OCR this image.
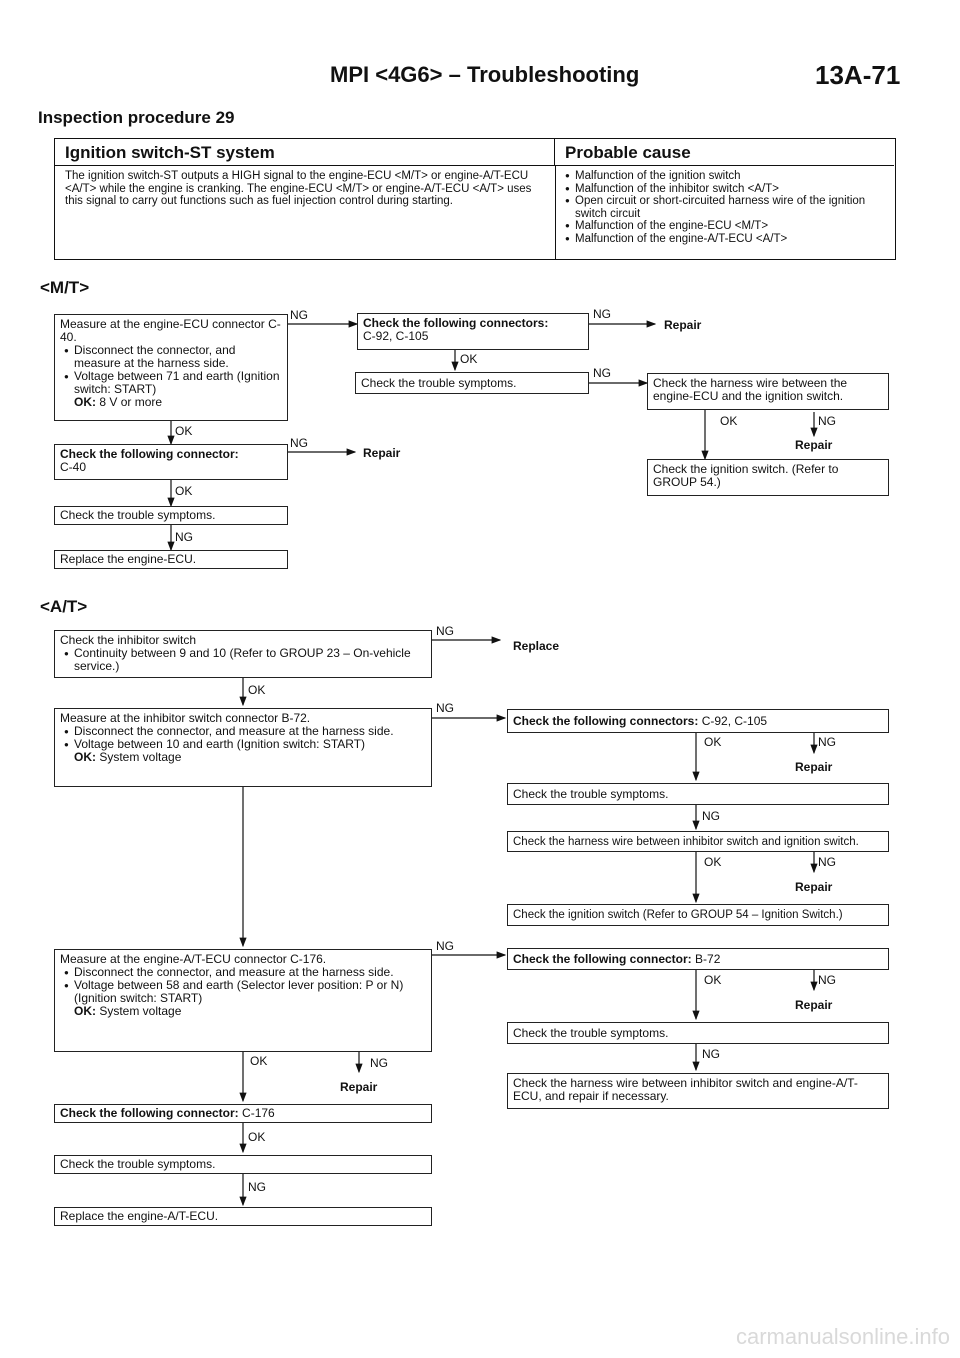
MPI <4G6> – Troubleshooting	13A-71
Inspection procedure 29
Ignition switch-ST system	Probable cause
The ignition switch-ST outputs a HIGH signal to the engine-ECU <M/T> or engine-A/T-ECU <A/T> while the engine is cranking. The engine-ECU <M/T> or engine-A/T-ECU <A/T> uses this signal to carry out functions such as fuel injection control during starting.
● Malfunction of the ignition switch
● Malfunction of the inhibitor switch <A/T>
● Open circuit or short-circuited harness wire of the ignition switch circuit
● Malfunction of the engine-ECU <M/T>
● Malfunction of the engine-A/T-ECU <A/T>
<M/T>
Measure at the engine-ECU connector C-40.
● Disconnect the connector, and measure at the harness side.
● Voltage between 71 and earth (Ignition switch: START)
OK: 8 V or more
Check the following connector:
C-40
Check the trouble symptoms.
Replace the engine-ECU.
Check the following connectors:
C-92, C-105
Check the trouble symptoms.	Check the harness wire between the engine-ECU and the ignition switch.
Check the ignition switch. (Refer to GROUP 54.)
OK
OK
NG
NG
NG
Repair
OK
NG
NG
Repair
OK	NG
Repair
<A/T>
Check the inhibitor switch
● Continuity between 9 and 10 (Refer to GROUP 23 – On-vehicle service.)
Measure at the inhibitor switch connector B-72.
● Disconnect the connector, and measure at the harness side.
● Voltage between 10 and earth (Ignition switch: START)
OK: System voltage
Measure at the engine-A/T-ECU connector C-176.
● Disconnect the connector, and measure at the harness side.
● Voltage between 58 and earth (Selector lever position: P or N) (Ignition switch: START)
OK: System voltage
Check the following connector: C-176
Check the trouble symptoms.
Replace the engine-A/T-ECU.
Check the following connectors: C-92, C-105
Check the trouble symptoms.
Check the harness wire between inhibitor switch and ignition switch.
Check the ignition switch (Refer to GROUP 54 – Ignition Switch.)
Check the following connector: B-72
Check the trouble symptoms.
Check the harness wire between inhibitor switch and engine-A/T-ECU, and repair if necessary.
NG
Replace
OK
NG
NG
OK	NG
Repair
OK
NG
OK	NG
Repair
NG
OK	NG
Repair
OK	NG
Repair
NG
carmanualsonline.info
